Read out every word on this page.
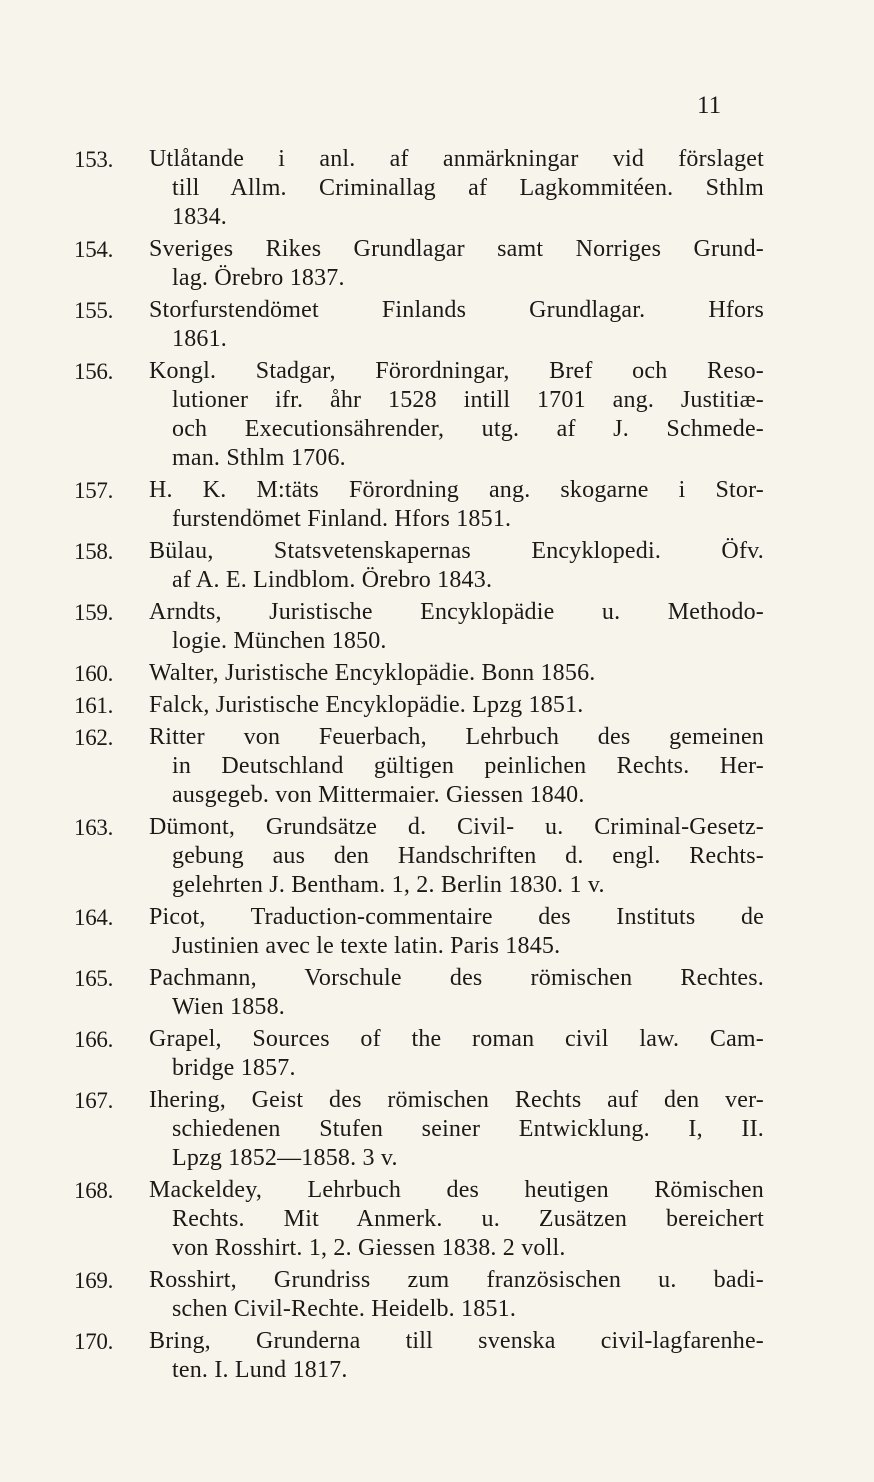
11
153.	Utlåtande i anl. af anmärkningar vid förslaget
till Allm. Criminallag af Lagkommitéen. Sthlm
1834.
154.	Sveriges Rikes Grundlagar samt Norriges Grund-
lag. Örebro 1837.
155.	Storfurstendömet Finlands Grundlagar. Hfors
1861.
156.	Kongl. Stadgar, Förordningar, Bref och Reso-
lutioner ifr. åhr 1528 intill 1701 ang. Justitiæ-
och Executionsährender, utg. af J. Schmede-
man. Sthlm 1706.
157.	H. K. M:täts Förordning ang. skogarne i Stor-
furstendömet Finland. Hfors 1851.
158.	Bülau, Statsvetenskapernas Encyklopedi. Öfv.
af A. E. Lindblom. Örebro 1843.
159.	Arndts, Juristische Encyklopädie u. Methodo-
logie. München 1850.
160.	Walter, Juristische Encyklopädie. Bonn 1856.
161.	Falck, Juristische Encyklopädie. Lpzg 1851.
162.	Ritter von Feuerbach, Lehrbuch des gemeinen
in Deutschland gültigen peinlichen Rechts. Her-
ausgegeb. von Mittermaier. Giessen 1840.
163.	Dümont, Grundsätze d. Civil- u. Criminal-Gesetz-
gebung aus den Handschriften d. engl. Rechts-
gelehrten J. Bentham. 1, 2. Berlin 1830. 1 v.
164.	Picot, Traduction-commentaire des Instituts de
Justinien avec le texte latin. Paris 1845.
165.	Pachmann, Vorschule des römischen Rechtes.
Wien 1858.
166.	Grapel, Sources of the roman civil law. Cam-
bridge 1857.
167.	Ihering, Geist des römischen Rechts auf den ver-
schiedenen Stufen seiner Entwicklung. I, II.
Lpzg 1852—1858. 3 v.
168.	Mackeldey, Lehrbuch des heutigen Römischen
Rechts. Mit Anmerk. u. Zusätzen bereichert
von Rosshirt. 1, 2. Giessen 1838. 2 voll.
169.	Rosshirt, Grundriss zum französischen u. badi-
schen Civil-Rechte. Heidelb. 1851.
170.	Bring, Grunderna till svenska civil-lagfarenhe-
ten. I. Lund 1817.
